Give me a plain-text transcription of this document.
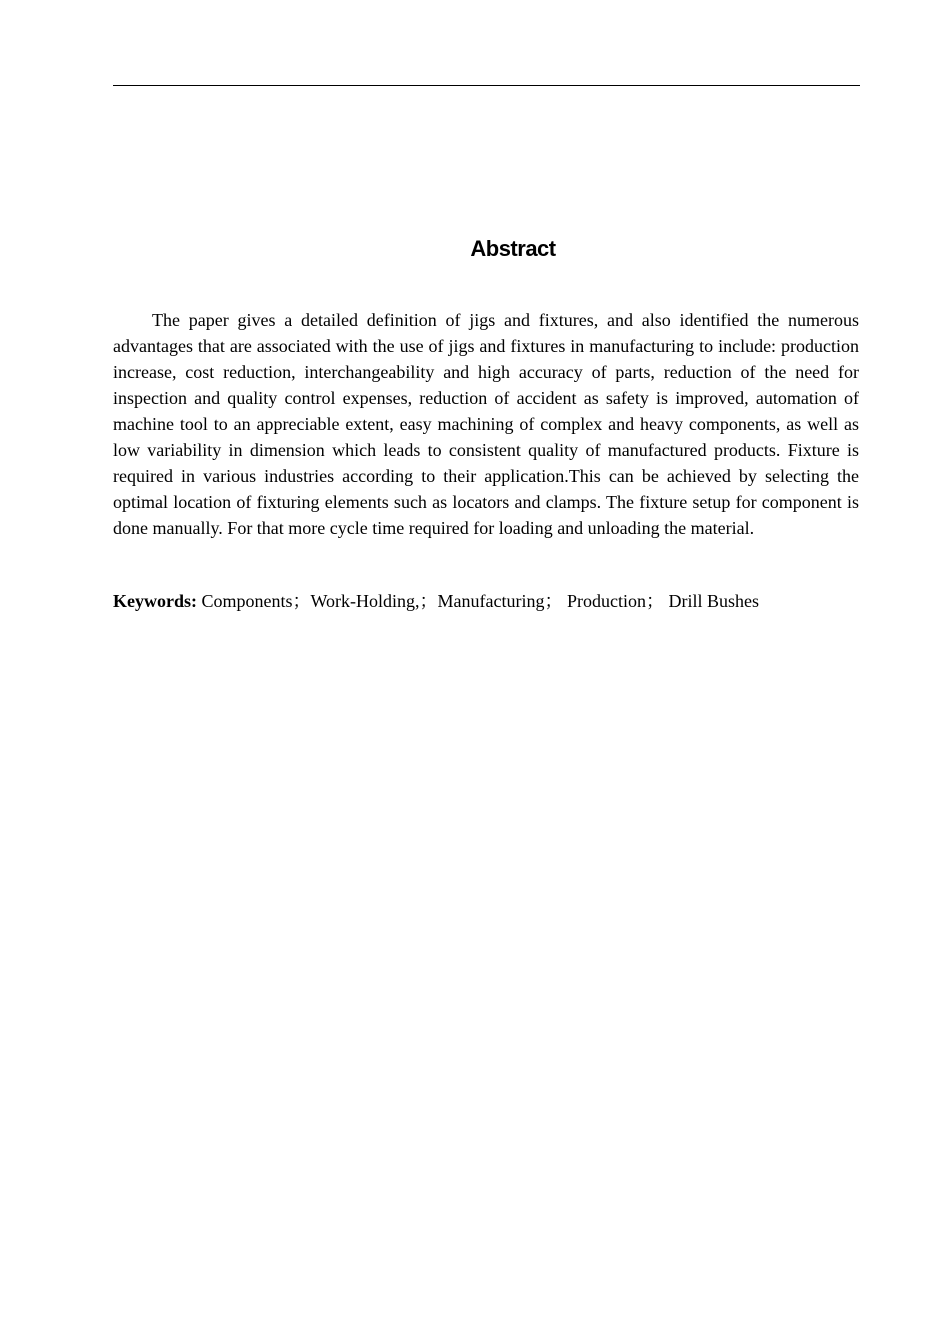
Abstract

The paper gives a detailed definition of jigs and fixtures, and also identified the numerous advantages that are associated with the use of jigs and fixtures in manufacturing to include: production increase, cost reduction, interchangeability and high accuracy of parts, reduction of the need for inspection and quality control expenses, reduction of accident as safety is improved, automation of machine tool to an appreciable extent, easy machining of complex and heavy components, as well as low variability in dimension which leads to consistent quality of manufactured products. Fixture is required in various industries according to their application.This can be achieved by selecting the optimal location of fixturing elements such as locators and clamps. The fixture setup for component is done manually. For that more cycle time required for loading and unloading the material.

Keywords: Components；Work-Holding,；Manufacturing； Production； Drill Bushes
